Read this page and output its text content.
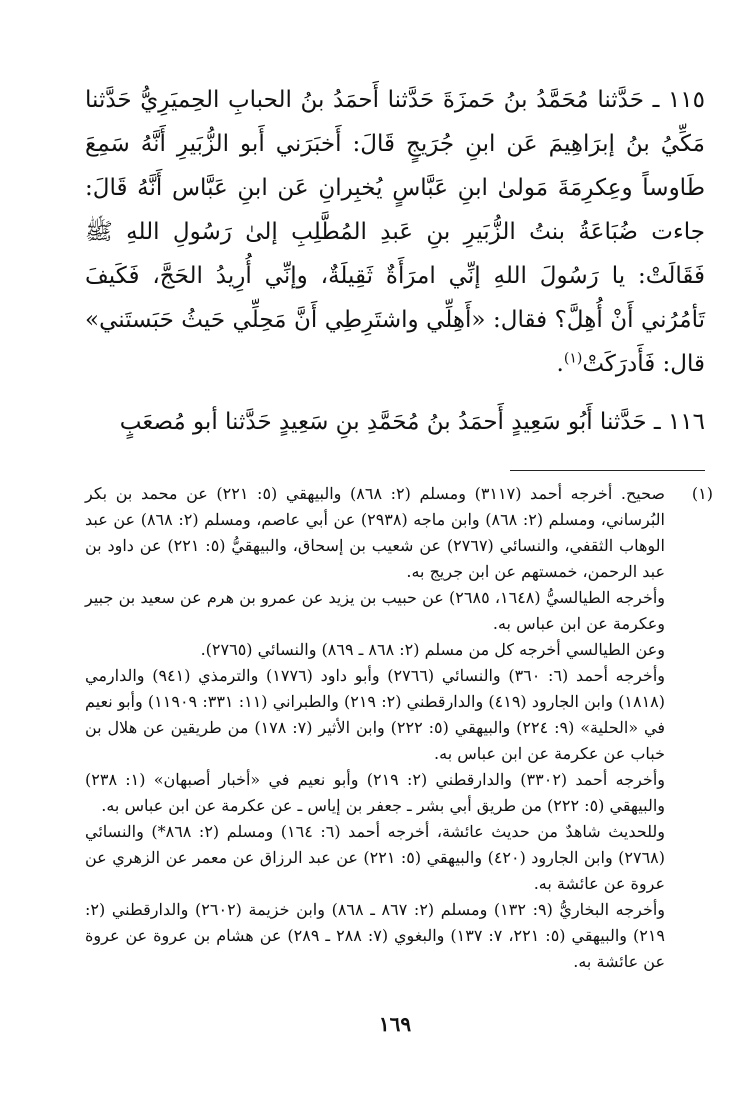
١١٥ ـ حَدَّثنا مُحَمَّدُ بنُ حَمزَةَ حَدَّثنا أَحمَدُ بنُ الحبابِ الحِميَرِيُّ حَدَّثنا مَكِّيُ بنُ إبرَاهِيمَ عَن ابنِ جُرَيجٍ قَالَ: أَخبَرَني أَبو الزُّبَيرِ أَنَّهُ سَمِعَ طَاوساً وعِكرِمَةَ مَولىٰ ابنِ عَبَّاسٍ يُخبِرانِ عَن ابنِ عَبَّاس أَنَّهُ قَالَ: جاءت ضُبَاعَةُ بنتُ الزُّبَيرِ بنِ عَبدِ المُطَّلِبِ إلىٰ رَسُولِ اللهِ ﷺ فَقَالَتْ: يا رَسُولَ اللهِ إنِّي امرَأَةٌ ثَقِيلَةٌ، وإنِّي أُرِيدُ الحَجَّ، فَكَيفَ تَأمُرُني أَنْ أُهِلَّ؟ فقال: «أَهِلِّي واشتَرِطِي أَنَّ مَحِلِّي حَيثُ حَبَستَني» قال: فَأَدرَكَتْ$^{(١)}$.

١١٦ ـ حَدَّثنا أَبُو سَعِيدٍ أَحمَدُ بنُ مُحَمَّدِ بنِ سَعِيدٍ حَدَّثنا أبو مُصعَبٍ

(١)

صحيح. أخرجه أحمد (٣١١٧) ومسلم (٢: ٨٦٨) والبيهقي (٥: ٢٢١) عن محمد بن بكر البُرساني، ومسلم (٢: ٨٦٨) وابن ماجه (٢٩٣٨) عن أبي عاصم، ومسلم (٢: ٨٦٨) عن عبد الوهاب الثقفي، والنسائي (٢٧٦٧) عن شعيب بن إسحاق، والبيهقيُّ (٥: ٢٢١) عن داود بن عبد الرحمن، خمستهم عن ابن جريج به.

وأخرجه الطيالسيُّ (١٦٤٨، ٢٦٨٥) عن حبيب بن يزيد عن عمرو بن هرم عن سعيد بن جبير وعكرمة عن ابن عباس به.

وعن الطيالسي أخرجه كل من مسلم (٢: ٨٦٨ ـ ٨٦٩) والنسائي (٢٧٦٥).

وأخرجه أحمد (٦: ٣٦٠) والنسائي (٢٧٦٦) وأبو داود (١٧٧٦) والترمذي (٩٤١) والدارمي (١٨١٨) وابن الجارود (٤١٩) والدارقطني (٢: ٢١٩) والطبراني (١١: ٣٣١: ١١٩٠٩) وأبو نعيم في «الحلية» (٩: ٢٢٤) والبيهقي (٥: ٢٢٢) وابن الأثير (٧: ١٧٨) من طريقين عن هلال بن خباب عن عكرمة عن ابن عباس به.

وأخرجه أحمد (٣٣٠٢) والدارقطني (٢: ٢١٩) وأبو نعيم في «أخبار أصبهان» (١: ٢٣٨) والبيهقي (٥: ٢٢٢) من طريق أبي بشر ـ جعفر بن إياس ـ عن عكرمة عن ابن عباس به.

وللحديث شاهدٌ من حديث عائشة، أخرجه أحمد (٦: ١٦٤) ومسلم (٢: ٨٦٨*) والنسائي (٢٧٦٨) وابن الجارود (٤٢٠) والبيهقي (٥: ٢٢١) عن عبد الرزاق عن معمر عن الزهري عن عروة عن عائشة به.

وأخرجه البخاريُّ (٩: ١٣٢) ومسلم (٢: ٨٦٧ ـ ٨٦٨) وابن خزيمة (٢٦٠٢) والدارقطني (٢: ٢١٩) والبيهقي (٥: ٢٢١، ٧: ١٣٧) والبغوي (٧: ٢٨٨ ـ ٢٨٩) عن هشام بن عروة عن عروة عن عائشة به.

١٦٩
